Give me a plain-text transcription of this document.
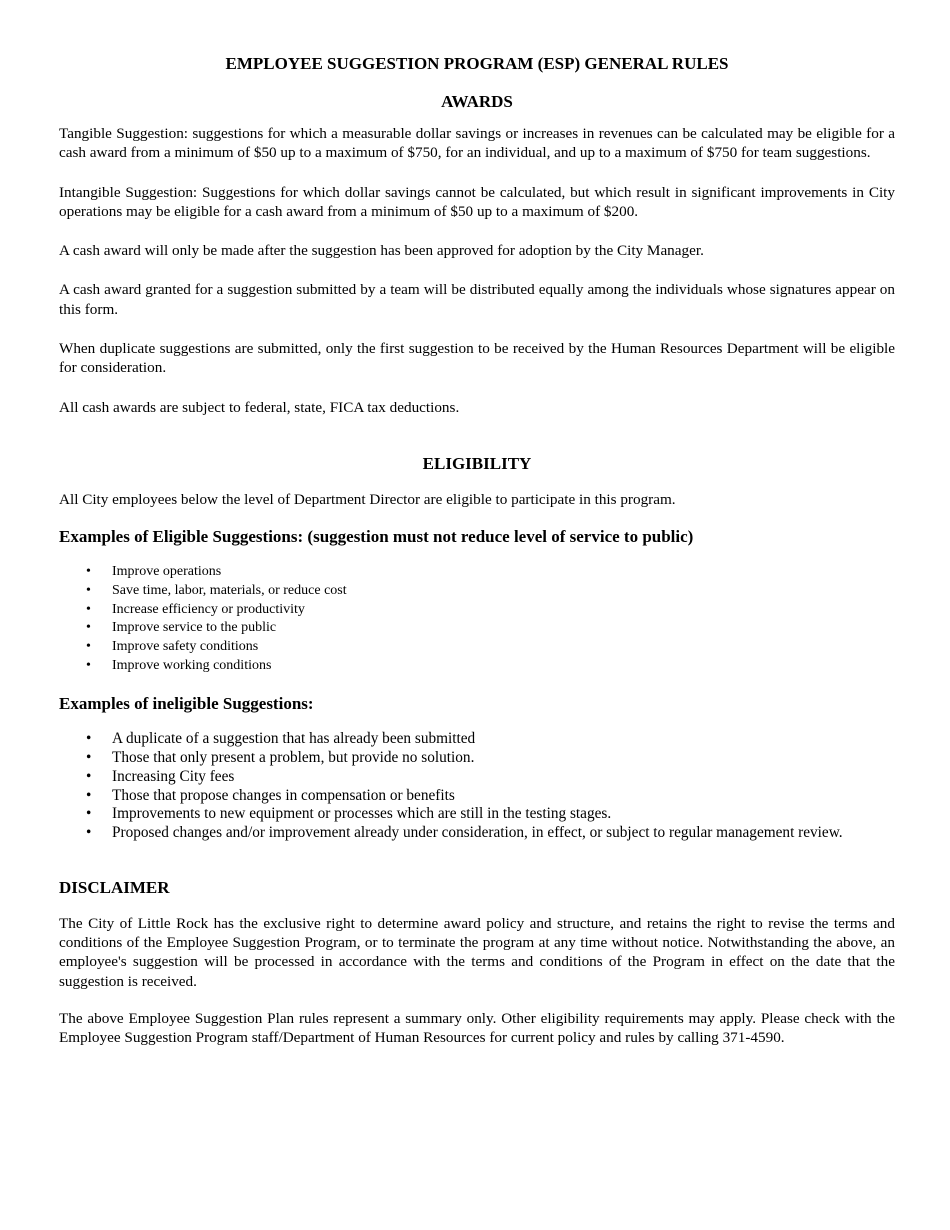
EMPLOYEE SUGGESTION PROGRAM (ESP) GENERAL RULES

AWARDS

Tangible Suggestion: suggestions for which a measurable dollar savings or increases in revenues can be calculated may be eligible for a cash award from a minimum of $50 up to a maximum of $750, for an individual, and up to a maximum of $750 for team suggestions.

Intangible Suggestion: Suggestions for which dollar savings cannot be calculated, but which result in significant improvements in City operations may be eligible for a cash award from a minimum of $50 up to a maximum of $200.

A cash award will only be made after the suggestion has been approved for adoption by the City Manager.

A cash award granted for a suggestion submitted by a team will be distributed equally among the individuals whose signatures appear on this form.

When duplicate suggestions are submitted, only the first suggestion to be received by the Human Resources Department will be eligible for consideration.

All cash awards are subject to federal, state, FICA tax deductions.

ELIGIBILITY

All City employees below the level of Department Director are eligible to participate in this program.

Examples of Eligible Suggestions: (suggestion must not reduce level of service to public)

• Improve operations
• Save time, labor, materials, or reduce cost
• Increase efficiency or productivity
• Improve service to the public
• Improve safety conditions
• Improve working conditions

Examples of ineligible Suggestions:

• A duplicate of a suggestion that has already been submitted
• Those that only present a problem, but provide no solution.
• Increasing City fees
• Those that propose changes in compensation or benefits
• Improvements to new equipment or processes which are still in the testing stages.
• Proposed changes and/or improvement already under consideration, in effect, or subject to regular management review.

DISCLAIMER

The City of Little Rock has the exclusive right to determine award policy and structure, and retains the right to revise the terms and conditions of the Employee Suggestion Program, or to terminate the program at any time without notice. Notwithstanding the above, an employee's suggestion will be processed in accordance with the terms and conditions of the Program in effect on the date that the suggestion is received.

The above Employee Suggestion Plan rules represent a summary only. Other eligibility requirements may apply. Please check with the Employee Suggestion Program staff/Department of Human Resources for current policy and rules by calling 371-4590.
